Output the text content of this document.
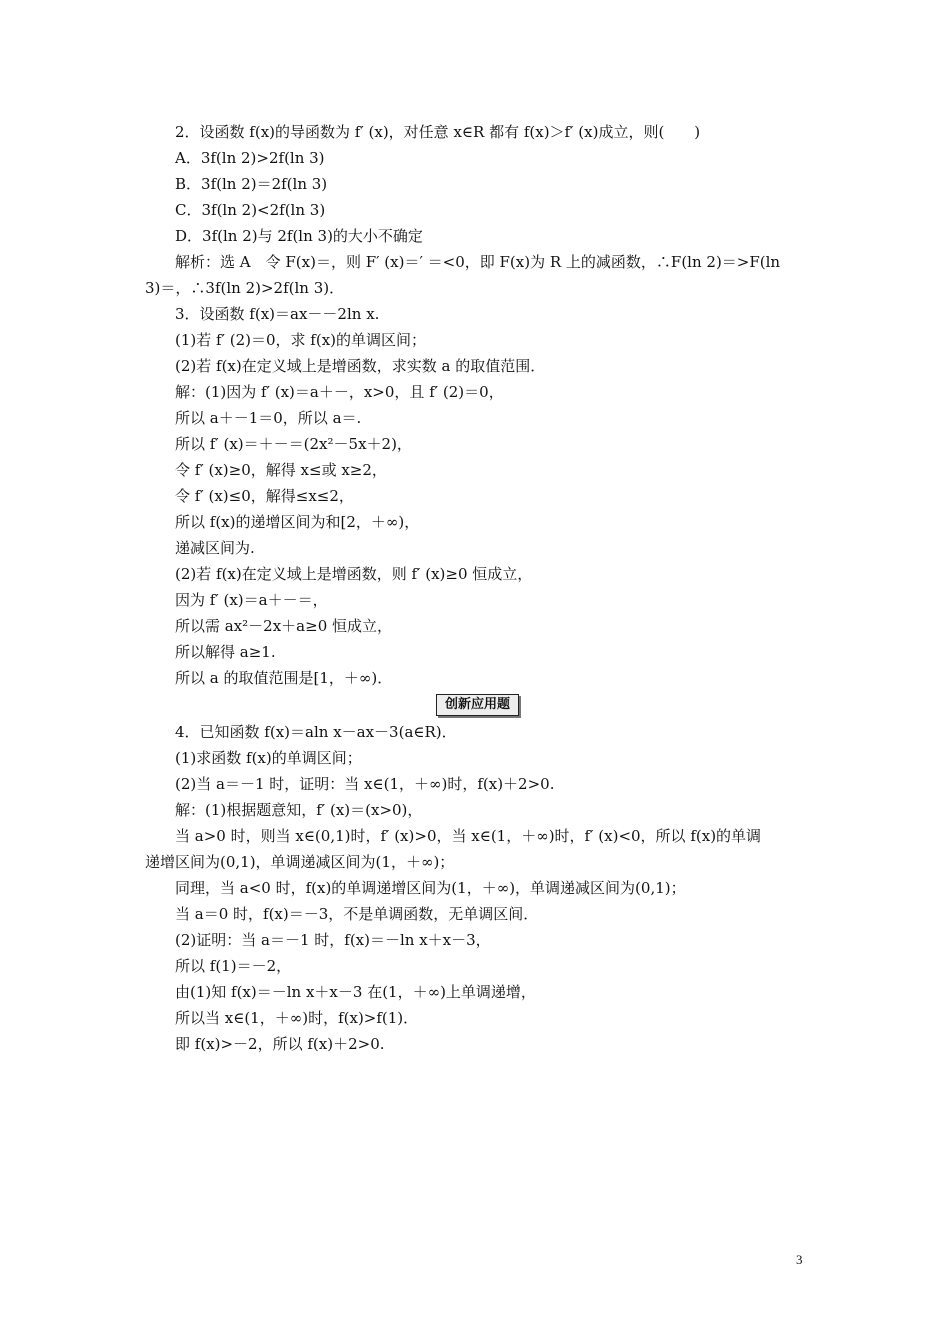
2．设函数 f(x)的导函数为 f′ (x)，对任意 x∈R 都有 f(x)＞f′ (x)成立，则(　　)
A．3f(ln 2)>2f(ln 3)
B．3f(ln 2)＝2f(ln 3)
C．3f(ln 2)<2f(ln 3)
D．3f(ln 2)与 2f(ln 3)的大小不确定
解析：选 A　令 F(x)＝，则 F′ (x)＝′ ＝<0，即 F(x)为 R 上的减函数，∴F(ln 2)＝>F(ln
3)＝，∴3f(ln 2)>2f(ln 3)．
3．设函数 f(x)＝ax－－2ln x.
(1)若 f′ (2)＝0，求 f(x)的单调区间；
(2)若 f(x)在定义域上是增函数，求实数 a 的取值范围．
解：(1)因为 f′ (x)＝a＋－，x>0，且 f′ (2)＝0，
所以 a＋－1＝0，所以 a＝.
所以 f′ (x)＝＋－＝(2x²－5x＋2)，
令 f′ (x)≥0，解得 x≤或 x≥2，
令 f′ (x)≤0，解得≤x≤2，
所以 f(x)的递增区间为和[2，＋∞)，
递减区间为.
(2)若 f(x)在定义域上是增函数，则 f′ (x)≥0 恒成立，
因为 f′ (x)＝a＋－＝，
所以需 ax²－2x＋a≥0 恒成立，
所以解得 a≥1.
所以 a 的取值范围是[1，＋∞)．
创新应用题
4．已知函数 f(x)＝aln x－ax－3(a∈R)．
(1)求函数 f(x)的单调区间；
(2)当 a＝－1 时，证明：当 x∈(1，＋∞)时，f(x)＋2>0.
解：(1)根据题意知，f′ (x)＝(x>0)，
当 a>0 时，则当 x∈(0,1)时，f′ (x)>0，当 x∈(1，＋∞)时，f′ (x)<0，所以 f(x)的单调
递增区间为(0,1)，单调递减区间为(1，＋∞)；
同理，当 a<0 时，f(x)的单调递增区间为(1，＋∞)，单调递减区间为(0,1)；
当 a＝0 时，f(x)＝－3，不是单调函数，无单调区间．
(2)证明：当 a＝－1 时，f(x)＝－ln x＋x－3，
所以 f(1)＝－2，
由(1)知 f(x)＝－ln x＋x－3 在(1，＋∞)上单调递增，
所以当 x∈(1，＋∞)时，f(x)>f(1)．
即 f(x)>－2，所以 f(x)＋2>0.
3
